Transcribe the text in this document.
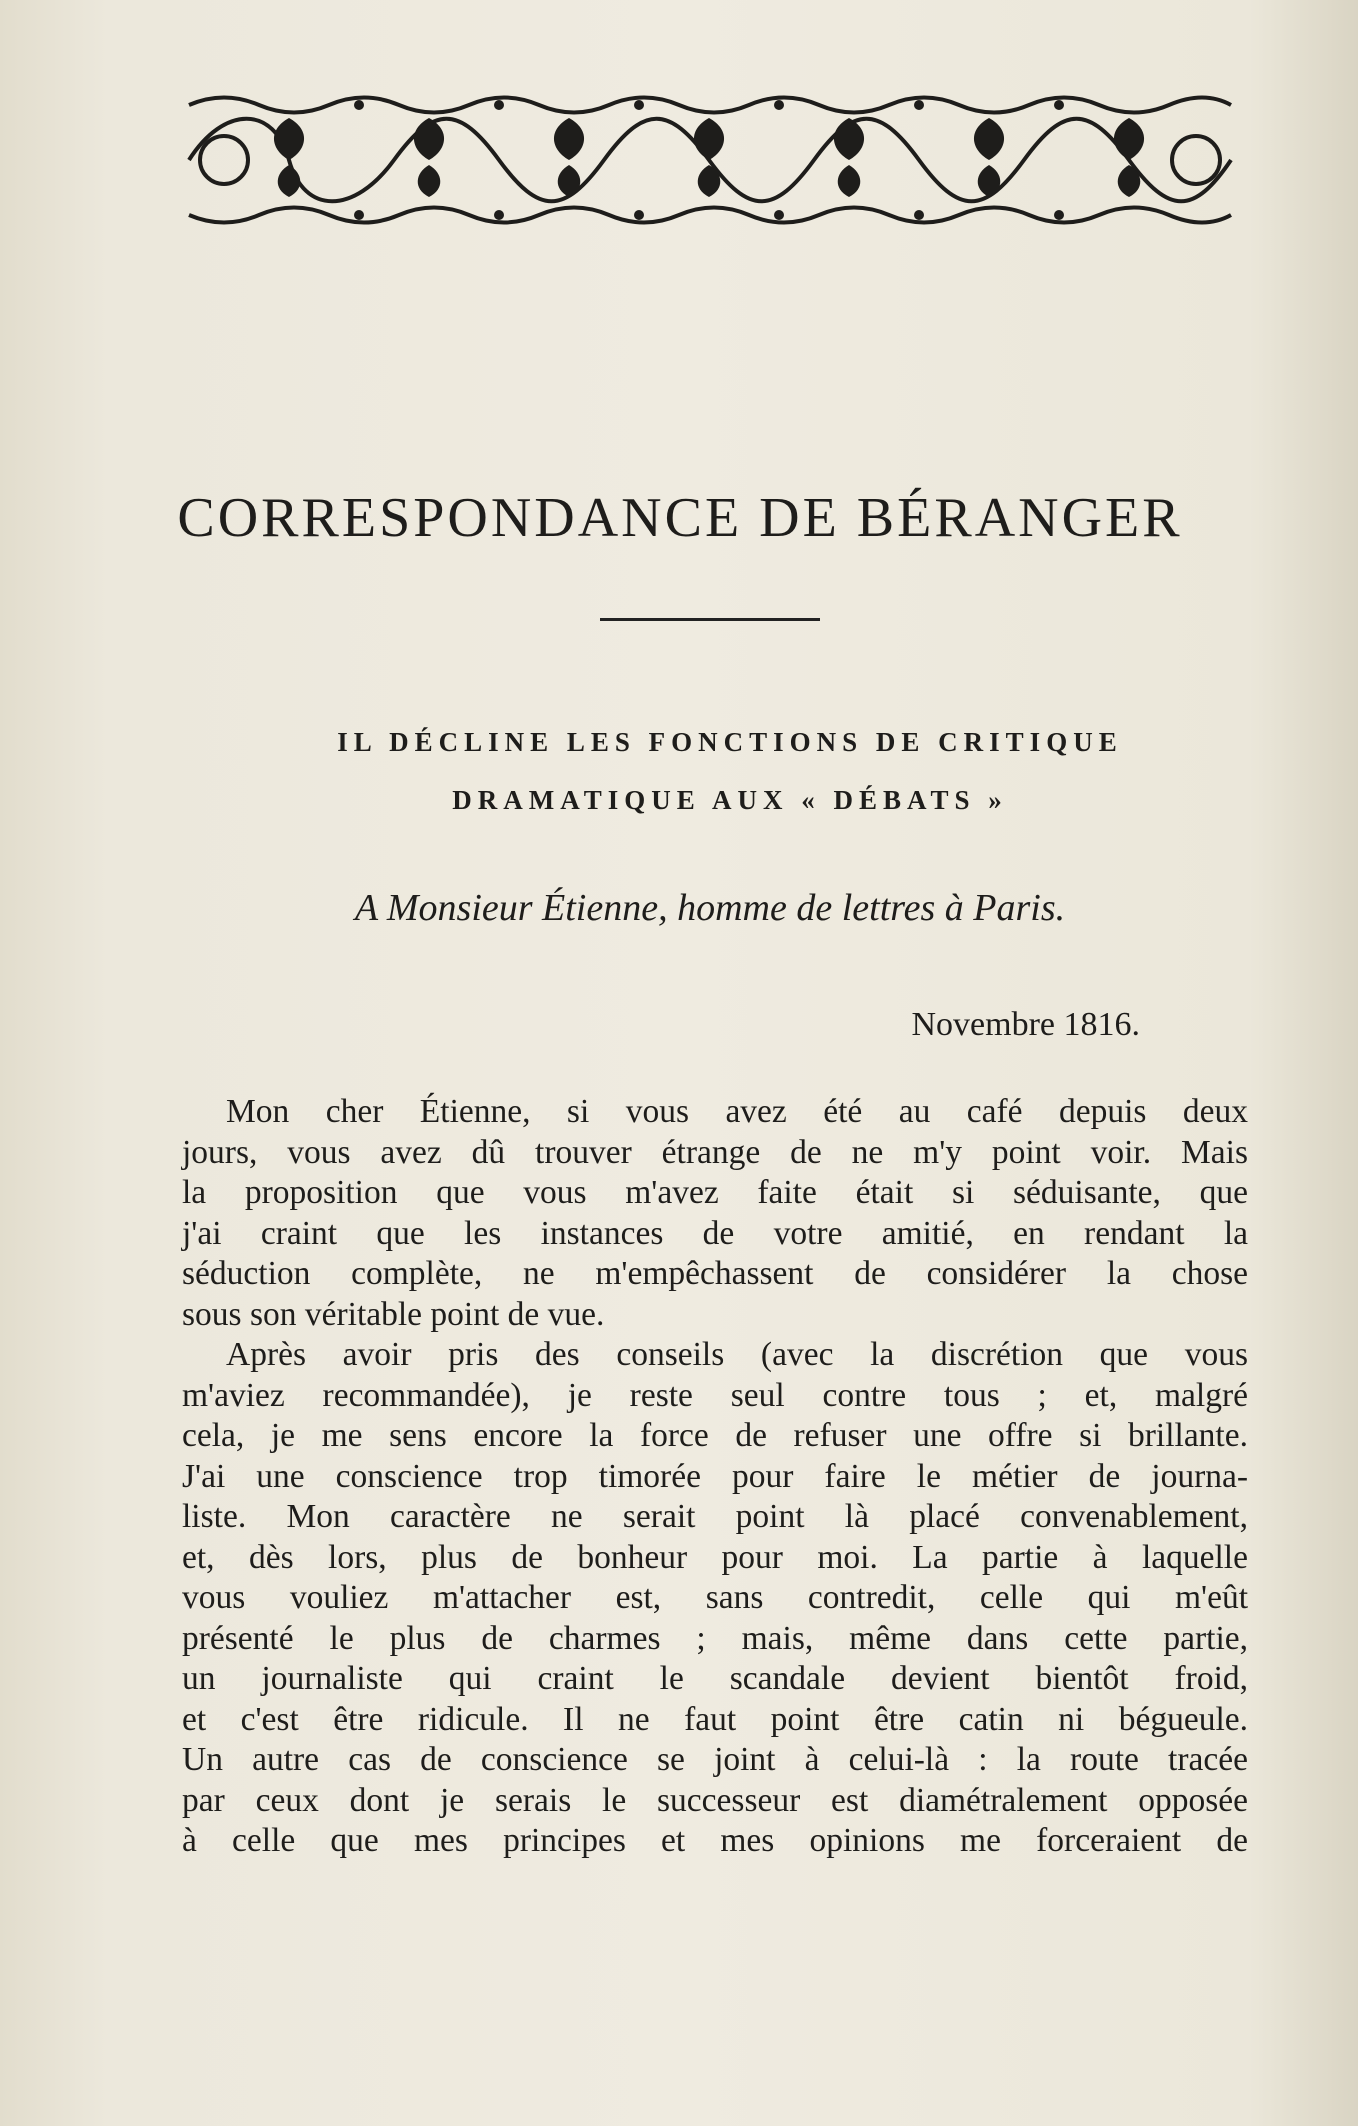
CORRESPONDANCE DE BÉRANGER
IL DÉCLINE LES FONCTIONS DE CRITIQUE
DRAMATIQUE AUX « DÉBATS »
A Monsieur Étienne, homme de lettres à Paris.
Novembre 1816.
Mon cher Étienne, si vous avez été au café depuis deux
jours, vous avez dû trouver étrange de ne m'y point voir. Mais
la proposition que vous m'avez faite était si séduisante, que
j'ai craint que les instances de votre amitié, en rendant la
séduction complète, ne m'empêchassent de considérer la chose
sous son véritable point de vue.
Après avoir pris des conseils (avec la discrétion que vous
m'aviez recommandée), je reste seul contre tous ; et, malgré
cela, je me sens encore la force de refuser une offre si brillante.
J'ai une conscience trop timorée pour faire le métier de journa-
liste. Mon caractère ne serait point là placé convenablement,
et, dès lors, plus de bonheur pour moi. La partie à laquelle
vous vouliez m'attacher est, sans contredit, celle qui m'eût
présenté le plus de charmes ; mais, même dans cette partie,
un journaliste qui craint le scandale devient bientôt froid,
et c'est être ridicule. Il ne faut point être catin ni bégueule.
Un autre cas de conscience se joint à celui-là : la route tracée
par ceux dont je serais le successeur est diamétralement opposée
à celle que mes principes et mes opinions me forceraient de
